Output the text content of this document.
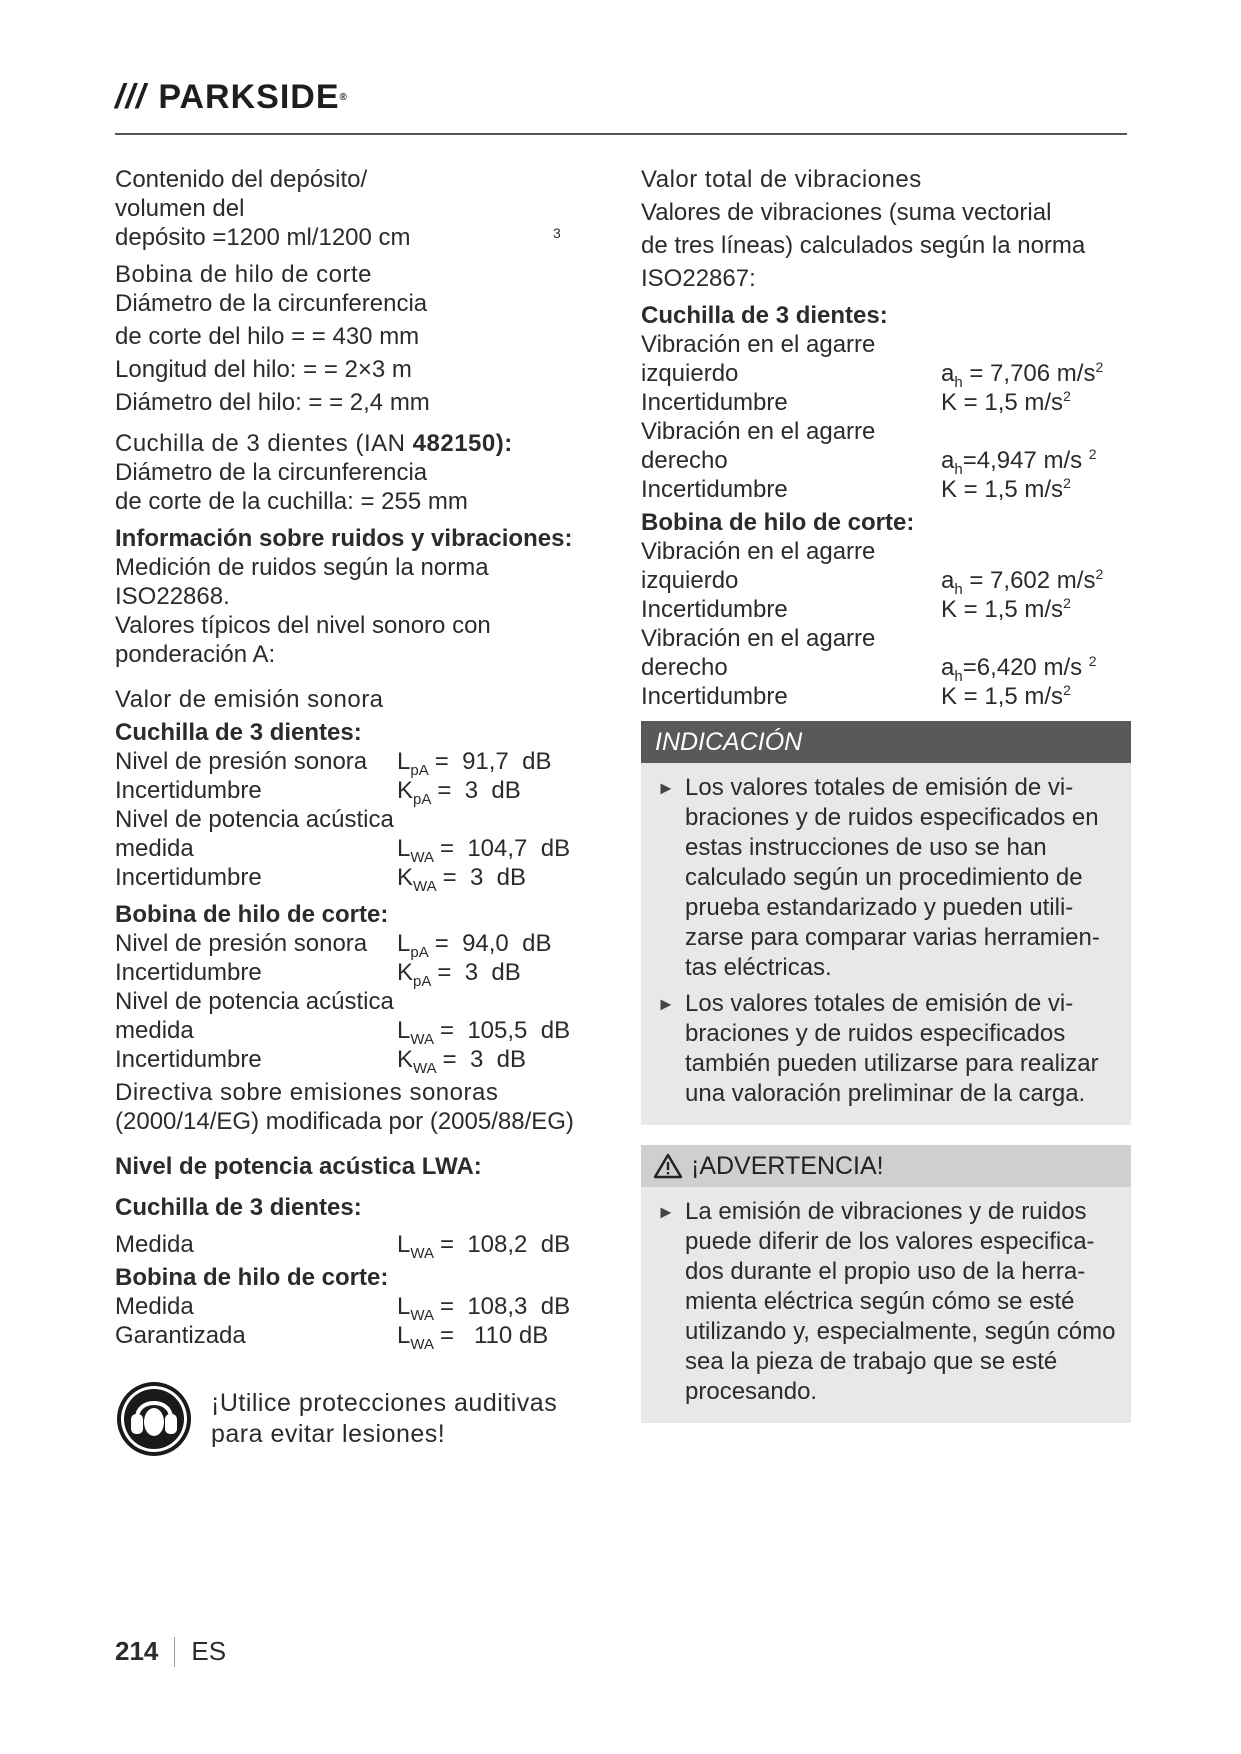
/// PARKSIDE ®

Contenido del depósito/

volumen del

depósito =1200 ml/1200 cm	3

Bobina de hilo de corte

Diámetro de la circunferencia

de corte del hilo = = 430 mm

Longitud del hilo: = = 2×3 m

Diámetro del hilo: = = 2,4 mm

Cuchilla de 3 dientes (IAN 482150):

Diámetro de la circunferencia

de corte de la cuchilla: = 255 mm

Información sobre ruidos y vibraciones:

Medición de ruidos según la norma

ISO22868.

Valores típicos del nivel sonoro con

ponderación A:

Valor de emisión sonora

Cuchilla de 3 dientes:

Nivel de presión sonora	$L_{pA} = 91,7$  dB
Incertidumbre	$K_{pA} = 3$  dB
Nivel de potencia acústica
medida	$L_{WA} = 104,7$  dB
Incertidumbre	$K_{WA} = 3$  dB

Bobina de hilo de corte:

Nivel de presión sonora	$L_{pA} = 94,0$  dB
Incertidumbre	$K_{pA} = 3$  dB
Nivel de potencia acústica
medida	$L_{WA} = 105,5$  dB
Incertidumbre	$K_{WA} = 3$  dB

Directiva sobre emisiones sonoras

(2000/14/EG) modificada por (2005/88/EG)

Nivel de potencia acústica LWA:

Cuchilla de 3 dientes:

Medida	$L_{WA} = 108,2$  dB

Bobina de hilo de corte:

Medida	$L_{WA} = 108,3$  dB
Garantizada	$L_{WA} = 110$ dB
¡Utilice protecciones auditivas
para evitar lesiones!

Valor total de vibraciones

Valores de vibraciones (suma vectorial

de tres líneas) calculados según la norma

ISO22867:

Cuchilla de 3 dientes:

Vibración en el agarre
izquierdo	$a_h = 7,706$ $m/s^2$
Incertidumbre	K = 1,5 $m/s^2$
Vibración en el agarre
derecho	$a_h=4,947$ m/s $^2$
Incertidumbre	K = 1,5 $m/s^2$

Bobina de hilo de corte:

Vibración en el agarre
izquierdo	$a_h = 7,602$ $m/s^2$
Incertidumbre	K = 1,5 $m/s^2$
Vibración en el agarre
derecho	$a_h=6,420$ m/s $^2$
Incertidumbre	K = 1,5 $m/s^2$
INDICACIÓN
► Los valores totales de emisión de vi- braciones y de ruidos especificados en estas instrucciones de uso se han calculado según un procedimiento de prueba estandarizado y pueden utili- zarse para comparar varias herramien- tas eléctricas.
► Los valores totales de emisión de vi- braciones y de ruidos especificados también pueden utilizarse para realizar una valoración preliminar de la carga.
¡ADVERTENCIA!
► La emisión de vibraciones y de ruidos puede diferir de los valores especifica- dos durante el propio uso de la herra- mienta eléctrica según cómo se esté utilizando y, especialmente, según cómo sea la pieza de trabajo que se esté procesando.
214 ES
